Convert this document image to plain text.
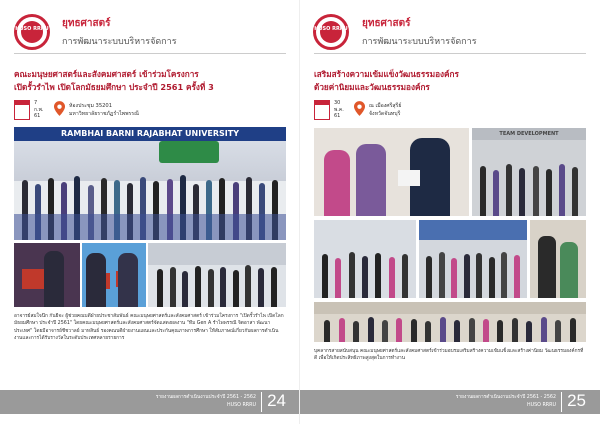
HUSO RRRU ยุทธศาสตร์
การพัฒนาระบบบริหารจัดการ
คณะมนุษยศาสตร์และสังคมศาสตร์ เข้าร่วมโครงการ
เปิดรั้วรำไพ เปิดโลกมัธยมศึกษา ประจำปี 2561 ครั้งที่ 3
7
ก.พ.
61
ห้องประชุม 35201
มหาวิทยาลัยราชภัฏรำไพพรรณี
RAMBHAI BARNI RAJABHAT UNIVERSITY
อาจารย์สมใจนึก กันยีจะ ผู้ช่วยคณบดีฝ่ายประชาสัมพันธ์ คณะมนุษยศาสตร์และสังคมศาสตร์ เข้าร่วมโครงการ "เปิดรั้วรำไพ เปิดโลกมัธยมศึกษา ประจำปี 2561" โดยคณะมนุษยศาสตร์และสังคมศาสตร์จัดแสดงผลงาน "ทีม Gen A รำไพพรรณี จิตอาสา พัฒนาประเทศ" โดยมีอาจารย์ชีชวาลย์ มาหสินธ์ รองคณบดีฝ่ายงานแผนและประกันคุณภาพการศึกษา ให้สัมภาษณ์เกี่ยวกับผลการดำเนินงานและการได้รับรางวัลในระดับประเทศหลายรายการ
รายงานผลการดำเนินงานประจำปี 2561 - 2562
HUSO RRRU 24
HUSO RRRU ยุทธศาสตร์
การพัฒนาระบบบริหารจัดการ
เสริมสร้างความเข้มแข็งวัฒนธรรมองค์กร
ด้วยค่านิยมและวัฒนธรรมองค์กร
30
พ.ค.
61
ณ เมืองศรีสุรีย์
จังหวัดจันทบุรี
TEAM DEVELOPMENT
บุคลากรสายสนับสนุน คณะมนุษยศาสตร์และสังคมศาสตร์เข้าร่วมอบรมเสริมสร้างความเข้มแข็งและสร้างค่านิยม วัฒนธรรมองค์กรที่ดี เพื่อให้เกิดประสิทธิภาพสูงสุดในการทำงาน
รายงานผลการดำเนินงานประจำปี 2561 - 2562
HUSO RRRU 25
